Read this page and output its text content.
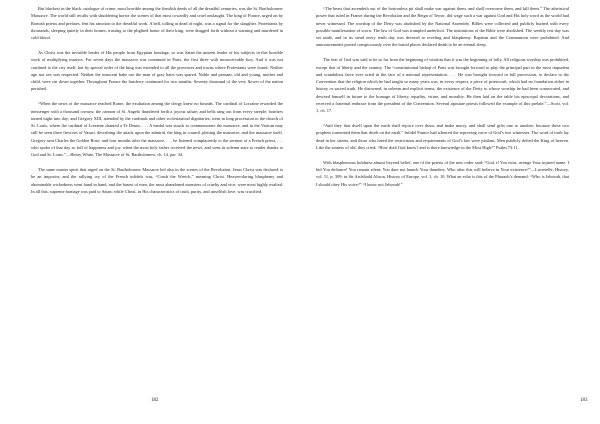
But blackest in the black catalogue of crime, most horrible among the fiendish deeds of all the dreadful centuries, was the St. Bartholomew Massacre. The world still recalls with shuddering horror the scenes of that most cowardly and cruel onslaught. The king of France, urged on by Romish priests and prelates, lent his sanction to the dreadful work. A bell, tolling at dead of night, was a signal for the slaughter. Protestants by thousands, sleeping quietly in their homes, trusting to the plighted honor of their king, were dragged forth without a warning and murdered in cold blood.

As Christ was the invisible leader of His people from Egyptian bondage, so was Satan the unseen leader of his subjects in this horrible work of multiplying martyrs. For seven days the massacre was continued in Paris, the first three with inconceivable fury. And it was not confined to the city itself, but by special order of the king was extended to all the provinces and towns where Protestants were found. Neither age nor sex was respected. Neither the innocent babe nor the man of gray hairs was spared. Noble and peasant, old and young, mother and child, were cut down together. Throughout France the butchery continued for two months. Seventy thousand of the very flower of the nation perished.

“When the news of the massacre reached Rome, the exultation among the clergy knew no bounds. The cardinal of Lorraine rewarded the messenger with a thousand crowns; the cannon of St. Angelo thundered forth a joyous salute; and bells rang out from every steeple; bonfires turned night into day; and Gregory XIII, attended by the cardinals and other ecclesiastical dignitaries, went in long procession to the church of St. Louis, where the cardinal of Lorraine chanted a Te Deum. . . . A medal was struck to commemorate the massacre, and in the Vatican may still be seen three frescoes of Vasari, describing the attack upon the admiral, the king in council plotting the massacre, and the massacre itself. Gregory sent Charles the Golden Rose; and four months after the massacre, . . . he listened complacently to the sermon of a French priest, . . . who spoke of that day so full of happiness and joy, when the most holy father received the news, and went in solemn state to render thanks to God and St. Louis.”—Henry White, The Massacre of St. Bartholomew, ch. 14, par. 34.

The same master spirit that urged on the St. Bartholomew Massacre led also in the scenes of the Revolution. Jesus Christ was declared to be an impostor, and the rallying cry of the French infidels was, “Crush the Wretch,” meaning Christ. Heaven-daring blasphemy and abominable wickedness went hand in hand, and the basest of men, the most abandoned monsters of cruelty and vice, were most highly exalted. In all this, supreme homage was paid to Satan; while Christ, in His characteristics of truth, purity, and unselfish love, was crucified.

182

“The beast that ascendeth out of the bottomless pit shall make war against them, and shall overcome them, and kill them.” The atheistical power that ruled in France during the Revolution and the Reign of Terror, did wage such a war against God and His holy word as the world had never witnessed. The worship of the Deity was abolished by the National Assembly. Bibles were collected and publicly burned with every possible manifestation of scorn. The law of God was trampled underfoot. The institutions of the Bible were abolished. The weekly rest day was set aside, and in its stead every tenth day was devoted to reveling and blasphemy. Baptism and the Communion were prohibited. And announcements posted conspicuously over the burial places declared death to be an eternal sleep.

The fear of God was said to be so far from the beginning of wisdom that it was the beginning of folly. All religious worship was prohibited, except that of liberty and the country. The “constitutional bishop of Paris was brought forward to play the principal part in the most impudent and scandalous farce ever acted in the face of a national representation. . . . He was brought forward in full procession, to declare to the Convention that the religion which he had taught so many years was, in every respect, a piece of priestcraft, which had no foundation either in history or sacred truth. He disowned, in solemn and explicit terms, the existence of the Deity to whose worship he had been consecrated, and devoted himself in future to the homage of liberty, equality, virtue, and morality. He then laid on the table his episcopal decorations, and received a fraternal embrace from the president of the Convention. Several apostate priests followed the example of this prelate.”—Scott, vol. 1, ch. 17.

“And they that dwell upon the earth shall rejoice over them, and make merry, and shall send gifts one to another; because these two prophets tormented them that dwelt on the earth.” Infidel France had silenced the reproving voice of God’s two witnesses. The word of truth lay dead in her streets, and those who hated the restrictions and requirements of God’s law were jubilant. Men publicly defied the King of heaven. Like the sinners of old, they cried: “How doth God know? and is there knowledge in the Most High?” Psalm 73:11.

With blasphemous boldness almost beyond belief, one of the priests of the new order said: “God, if You exist, avenge Your injured name. I bid You defiance! You remain silent; You dare not launch Your thunders. Who after this will believe in Your existence?”—Lacretelle, History, vol. 11, p. 309; in Sir Archibald Alison, History of Europe, vol. 1, ch. 10. What an echo is this of the Pharaoh’s demand: “Who is Jehovah, that I should obey His voice?” “I know not Jehovah!”

183
